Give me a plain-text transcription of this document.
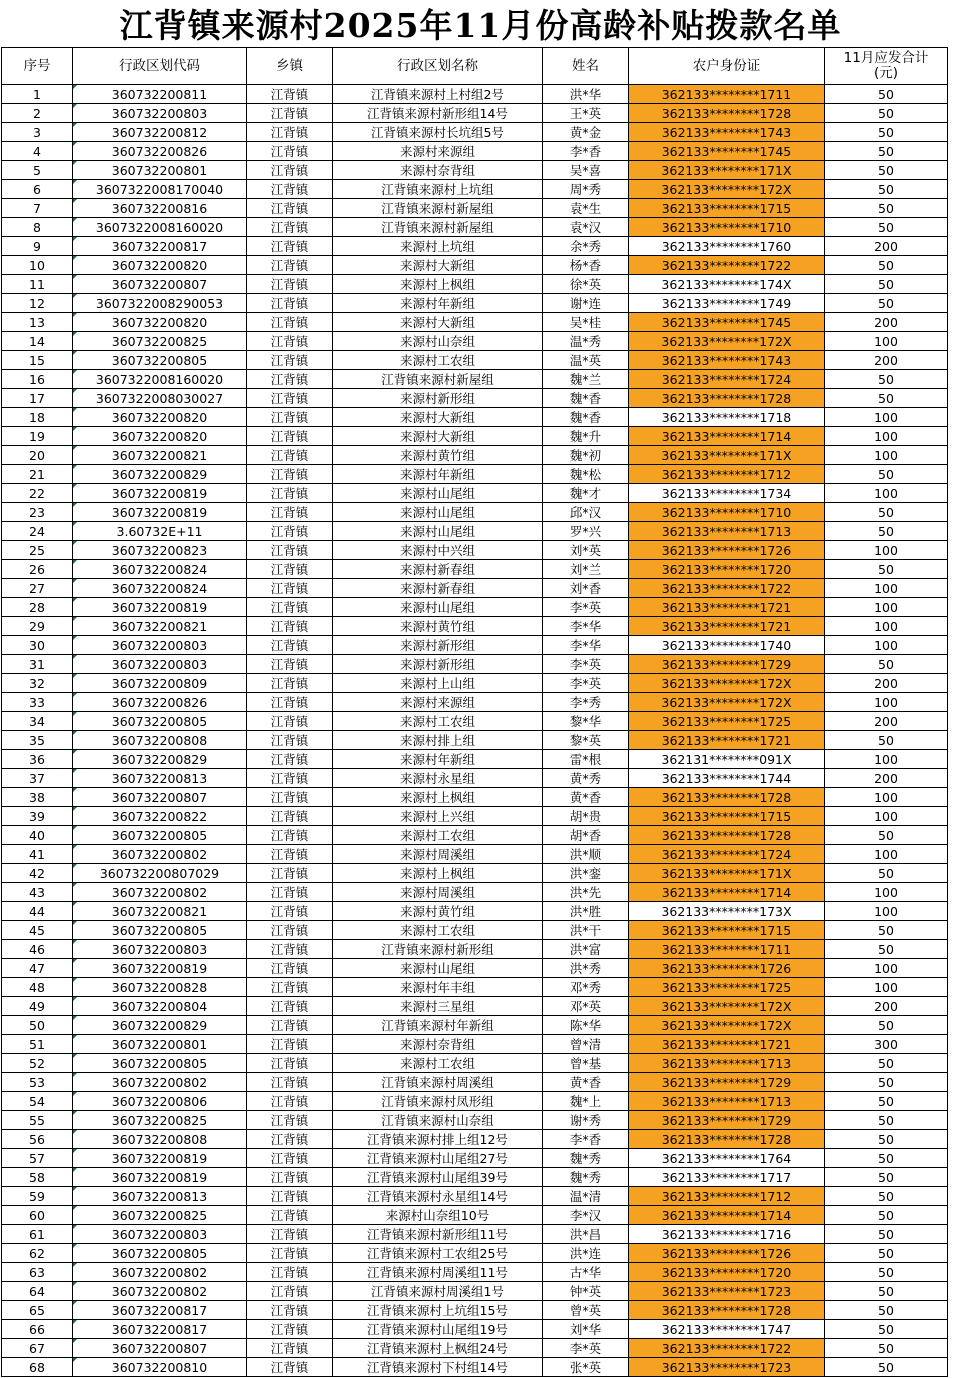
江背镇来源村2025年11月份高龄补贴拨款名单
序号	行政区划代码	乡镇	行政区划名称	姓名	农户身份证	11月应发合计
(元)

1	360732200811	江背镇	江背镇来源村上村组2号	洪*华	362133********1711	50
2	360732200803	江背镇	江背镇来源村新形组14号	王*英	362133********1728	50
3	360732200812	江背镇	江背镇来源村长坑组5号	黄*金	362133********1743	50
4	360732200826	江背镇	来源村来源组	李*香	362133********1745	50
5	360732200801	江背镇	来源村奈背组	吴*喜	362133********171X	50
6	3607322008170040	江背镇	江背镇来源村上坑组	周*秀	362133********172X	50
7	360732200816	江背镇	江背镇来源村新屋组	袁*生	362133********1715	50
8	3607322008160020	江背镇	江背镇来源村新屋组	袁*汉	362133********1710	50
9	360732200817	江背镇	来源村上坑组	余*秀	362133********1760	200
10	360732200820	江背镇	来源村大新组	杨*香	362133********1722	50
11	360732200807	江背镇	来源村上枫组	徐*英	362133********174X	50
12	3607322008290053	江背镇	来源村年新组	谢*连	362133********1749	50
13	360732200820	江背镇	来源村大新组	吴*桂	362133********1745	200
14	360732200825	江背镇	来源村山奈组	温*秀	362133********172X	100
15	360732200805	江背镇	来源村工农组	温*英	362133********1743	200
16	3607322008160020	江背镇	江背镇来源村新屋组	魏*兰	362133********1724	50
17	3607322008030027	江背镇	来源村新形组	魏*香	362133********1728	50
18	360732200820	江背镇	来源村大新组	魏*香	362133********1718	100
19	360732200820	江背镇	来源村大新组	魏*升	362133********1714	100
20	360732200821	江背镇	来源村黄竹组	魏*初	362133********171X	100
21	360732200829	江背镇	来源村年新组	魏*松	362133********1712	50
22	360732200819	江背镇	来源村山尾组	魏*才	362133********1734	100
23	360732200819	江背镇	来源村山尾组	邱*汉	362133********1710	50
24	3.60732E+11	江背镇	来源村山尾组	罗*兴	362133********1713	50
25	360732200823	江背镇	来源村中兴组	刘*英	362133********1726	100
26	360732200824	江背镇	来源村新春组	刘*兰	362133********1720	50
27	360732200824	江背镇	来源村新春组	刘*香	362133********1722	100
28	360732200819	江背镇	来源村山尾组	李*英	362133********1721	100
29	360732200821	江背镇	来源村黄竹组	李*华	362133********1721	100
30	360732200803	江背镇	来源村新形组	李*华	362133********1740	100
31	360732200803	江背镇	来源村新形组	李*英	362133********1729	50
32	360732200809	江背镇	来源村上山组	李*英	362133********172X	200
33	360732200826	江背镇	来源村来源组	李*秀	362133********172X	100
34	360732200805	江背镇	来源村工农组	黎*华	362133********1725	200
35	360732200808	江背镇	来源村排上组	黎*英	362133********1721	50
36	360732200829	江背镇	来源村年新组	雷*根	362131********091X	100
37	360732200813	江背镇	来源村永星组	黄*秀	362133********1744	200
38	360732200807	江背镇	来源村上枫组	黄*香	362133********1728	100
39	360732200822	江背镇	来源村上兴组	胡*贵	362133********1715	100
40	360732200805	江背镇	来源村工农组	胡*香	362133********1728	50
41	360732200802	江背镇	来源村周溪组	洪*顺	362133********1724	100
42	360732200807029	江背镇	来源村上枫组	洪*銮	362133********171X	50
43	360732200802	江背镇	来源村周溪组	洪*先	362133********1714	100
44	360732200821	江背镇	来源村黄竹组	洪*胜	362133********173X	100
45	360732200805	江背镇	来源村工农组	洪*干	362133********1715	50
46	360732200803	江背镇	江背镇来源村新形组	洪*富	362133********1711	50
47	360732200819	江背镇	来源村山尾组	洪*秀	362133********1726	100
48	360732200828	江背镇	来源村年丰组	邓*秀	362133********1725	100
49	360732200804	江背镇	来源村三星组	邓*英	362133********172X	200
50	360732200829	江背镇	江背镇来源村年新组	陈*华	362133********172X	50
51	360732200801	江背镇	来源村奈背组	曾*清	362133********1721	300
52	360732200805	江背镇	来源村工农组	曾*基	362133********1713	50
53	360732200802	江背镇	江背镇来源村周溪组	黄*香	362133********1729	50
54	360732200806	江背镇	江背镇来源村凤形组	魏*上	362133********1713	50
55	360732200825	江背镇	江背镇来源村山奈组	谢*秀	362133********1729	50
56	360732200808	江背镇	江背镇来源村排上组12号	李*香	362133********1728	50
57	360732200819	江背镇	江背镇来源村山尾组27号	魏*秀	362133********1764	50
58	360732200819	江背镇	江背镇来源村山尾组39号	魏*秀	362133********1717	50
59	360732200813	江背镇	江背镇来源村永星组14号	温*清	362133********1712	50
60	360732200825	江背镇	来源村山奈组10号	李*汉	362133********1714	50
61	360732200803	江背镇	江背镇来源村新形组11号	洪*昌	362133********1716	50
62	360732200805	江背镇	江背镇来源村工农组25号	洪*连	362133********1726	50
63	360732200802	江背镇	江背镇来源村周溪组11号	古*华	362133********1720	50
64	360732200802	江背镇	江背镇来源村周溪组1号	钟*英	362133********1723	50
65	360732200817	江背镇	江背镇来源村上坑组15号	曾*英	362133********1728	50
66	360732200817	江背镇	江背镇来源村山尾组19号	刘*华	362133********1747	50
67	360732200807	江背镇	江背镇来源村上枫组24号	李*英	362133********1722	50
68	360732200810	江背镇	江背镇来源村下村组14号	张*英	362133********1723	50
